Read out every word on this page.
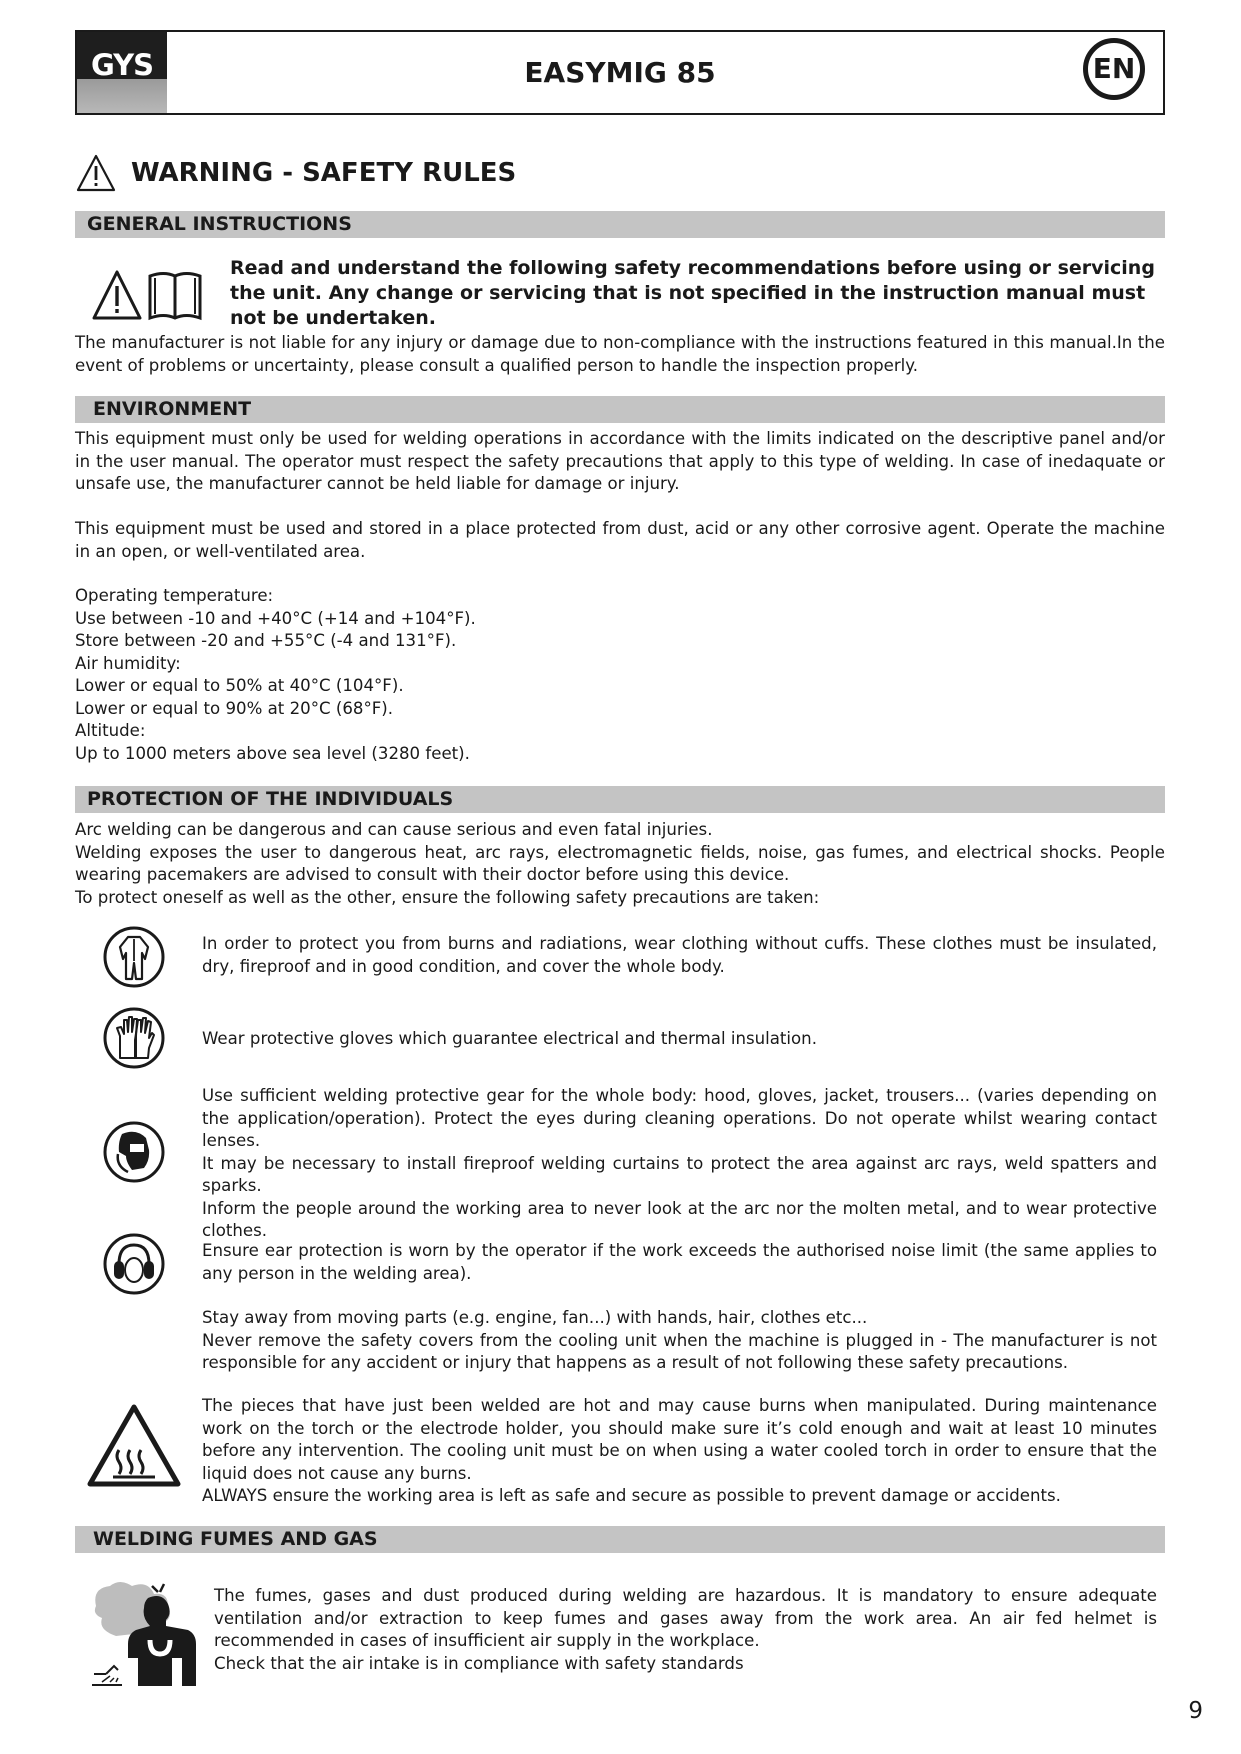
GYS	EASYMIG 85	EN
WARNING - SAFETY RULES
GENERAL INSTRUCTIONS

Read and understand the following safety recommendations before using or servicing the unit. Any change or servicing that is not specified in the instruction manual must not be undertaken.

The manufacturer is not liable for any injury or damage due to non-compliance with the instructions featured in this manual.In the event of problems or uncertainty, please consult a qualified person to handle the inspection properly.

ENVIRONMENT

This equipment must only be used for welding operations in accordance with the limits indicated on the descriptive panel and/or in the user manual. The operator must respect the safety precautions that apply to this type of welding. In case of inedaquate or unsafe use, the manufacturer cannot be held liable for damage or injury.

This equipment must be used and stored in a place protected from dust, acid or any other corrosive agent. Operate the machine in an open, or well-ventilated area.

Operating temperature:
Use between -10 and +40°C (+14 and +104°F).
Store between -20 and +55°C (-4 and 131°F).
Air humidity:
Lower or equal to 50% at 40°C (104°F).
Lower or equal to 90% at 20°C (68°F).
Altitude:
Up to 1000 meters above sea level (3280 feet).
PROTECTION OF THE INDIVIDUALS
Arc welding can be dangerous and can cause serious and even fatal injuries.
Welding exposes the user to dangerous heat, arc rays, electromagnetic fields, noise, gas fumes, and electrical shocks. People wearing pacemakers are advised to consult with their doctor before using this device.
To protect oneself as well as the other, ensure the following safety precautions are taken:

In order to protect you from burns and radiations, wear clothing without cuffs. These clothes must be insulated, dry, fireproof and in good condition, and cover the whole body.

Wear protective gloves which guarantee electrical and thermal insulation.

Use sufficient welding protective gear for the whole body: hood, gloves, jacket, trousers... (varies depending on the application/operation). Protect the eyes during cleaning operations. Do not operate whilst wearing contact lenses.
It may be necessary to install fireproof welding curtains to protect the area against arc rays, weld spatters and sparks.
Inform the people around the working area to never look at the arc nor the molten metal, and to wear protective clothes.

Ensure ear protection is worn by the operator if the work exceeds the authorised noise limit (the same applies to any person in the welding area).

Stay away from moving parts (e.g. engine, fan...) with hands, hair, clothes etc...
Never remove the safety covers from the cooling unit when the machine is plugged in - The manufacturer is not responsible for any accident or injury that happens as a result of not following these safety precautions.
The pieces that have just been welded are hot and may cause burns when manipulated. During maintenance work on the torch or the electrode holder, you should make sure it’s cold enough and wait at least 10 minutes before any intervention. The cooling unit must be on when using a water cooled torch in order to ensure that the liquid does not cause any burns.
ALWAYS ensure the working area is left as safe and secure as possible to prevent damage or accidents.
WELDING FUMES AND GAS
The fumes, gases and dust produced during welding are hazardous. It is mandatory to ensure adequate ventilation and/or extraction to keep fumes and gases away from the work area. An air fed helmet is recommended in cases of insufficient air supply in the workplace.
Check that the air intake is in compliance with safety standards
9
